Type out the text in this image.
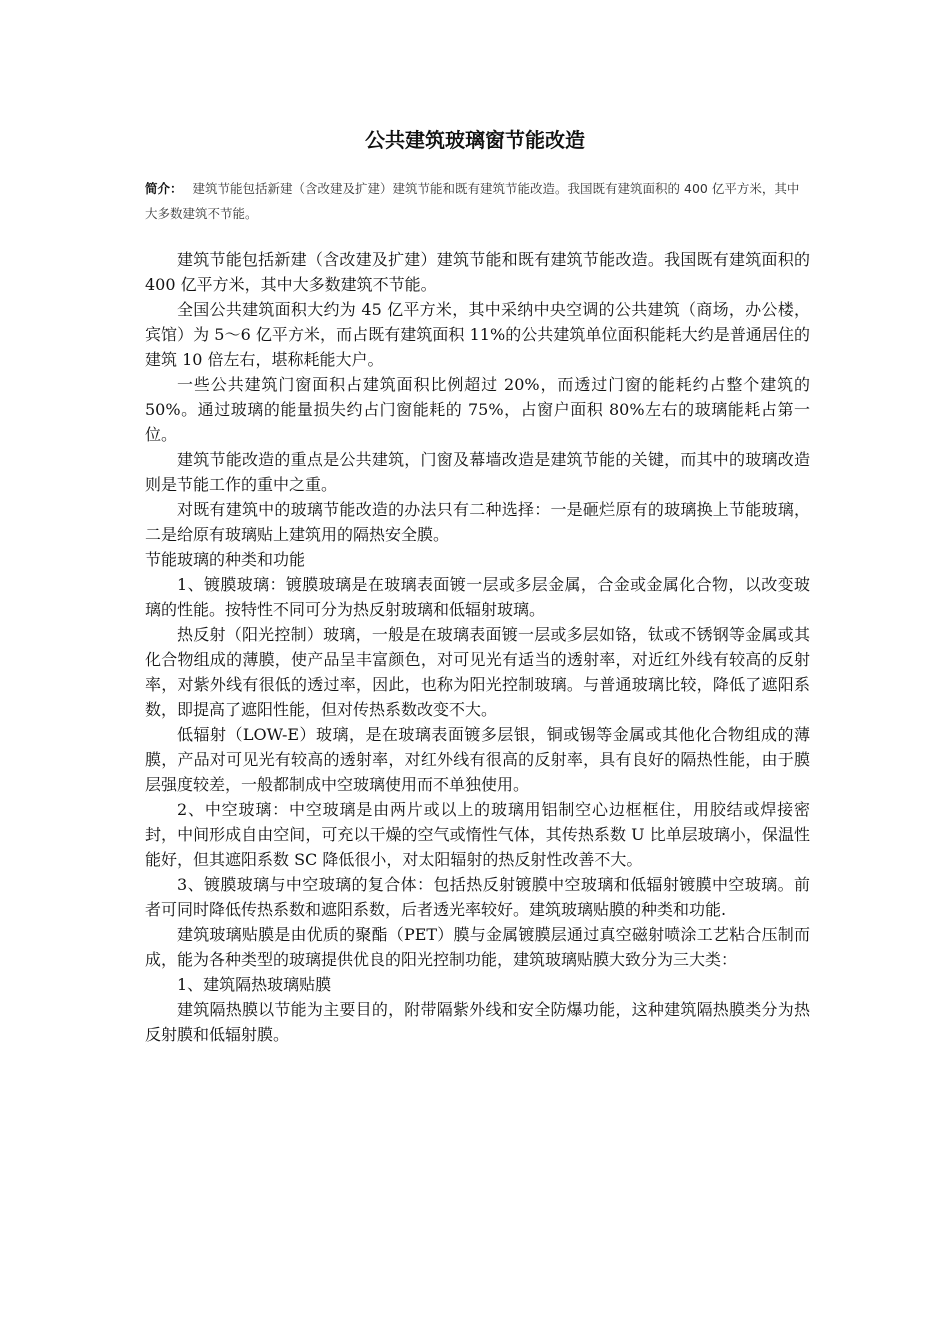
公共建筑玻璃窗节能改造

简介： 建筑节能包括新建（含改建及扩建）建筑节能和既有建筑节能改造。我国既有建筑面积的 400 亿平方米，其中大多数建筑不节能。

建筑节能包括新建（含改建及扩建）建筑节能和既有建筑节能改造。我国既有建筑面积的 400 亿平方米，其中大多数建筑不节能。

全国公共建筑面积大约为 45 亿平方米，其中采纳中央空调的公共建筑（商场，办公楼，宾馆）为 5～6 亿平方米，而占既有建筑面积 11%的公共建筑单位面积能耗大约是普通居住的建筑 10 倍左右，堪称耗能大户。

一些公共建筑门窗面积占建筑面积比例超过 20%，而透过门窗的能耗约占整个建筑的 50%。通过玻璃的能量损失约占门窗能耗的 75%，占窗户面积 80%左右的玻璃能耗占第一位。

建筑节能改造的重点是公共建筑，门窗及幕墙改造是建筑节能的关键，而其中的玻璃改造则是节能工作的重中之重。

对既有建筑中的玻璃节能改造的办法只有二种选择：一是砸烂原有的玻璃换上节能玻璃，二是给原有玻璃贴上建筑用的隔热安全膜。

节能玻璃的种类和功能

1、镀膜玻璃：镀膜玻璃是在玻璃表面镀一层或多层金属，合金或金属化合物，以改变玻璃的性能。按特性不同可分为热反射玻璃和低辐射玻璃。

热反射（阳光控制）玻璃，一般是在玻璃表面镀一层或多层如铬，钛或不锈钢等金属或其化合物组成的薄膜，使产品呈丰富颜色，对可见光有适当的透射率，对近红外线有较高的反射率，对紫外线有很低的透过率，因此，也称为阳光控制玻璃。与普通玻璃比较，降低了遮阳系数，即提高了遮阳性能，但对传热系数改变不大。

低辐射（LOW-E）玻璃，是在玻璃表面镀多层银，铜或锡等金属或其他化合物组成的薄膜，产品对可见光有较高的透射率，对红外线有很高的反射率，具有良好的隔热性能，由于膜层强度较差，一般都制成中空玻璃使用而不单独使用。

2、中空玻璃：中空玻璃是由两片或以上的玻璃用铝制空心边框框住，用胶结或焊接密封，中间形成自由空间，可充以干燥的空气或惰性气体，其传热系数 U 比单层玻璃小，保温性能好，但其遮阳系数 SC 降低很小，对太阳辐射的热反射性改善不大。

3、镀膜玻璃与中空玻璃的复合体：包括热反射镀膜中空玻璃和低辐射镀膜中空玻璃。前者可同时降低传热系数和遮阳系数，后者透光率较好。建筑玻璃贴膜的种类和功能.

建筑玻璃贴膜是由优质的聚酯（PET）膜与金属镀膜层通过真空磁射喷涂工艺粘合压制而成，能为各种类型的玻璃提供优良的阳光控制功能，建筑玻璃贴膜大致分为三大类：

1、建筑隔热玻璃贴膜

建筑隔热膜以节能为主要目的，附带隔紫外线和安全防爆功能，这种建筑隔热膜类分为热反射膜和低辐射膜。
